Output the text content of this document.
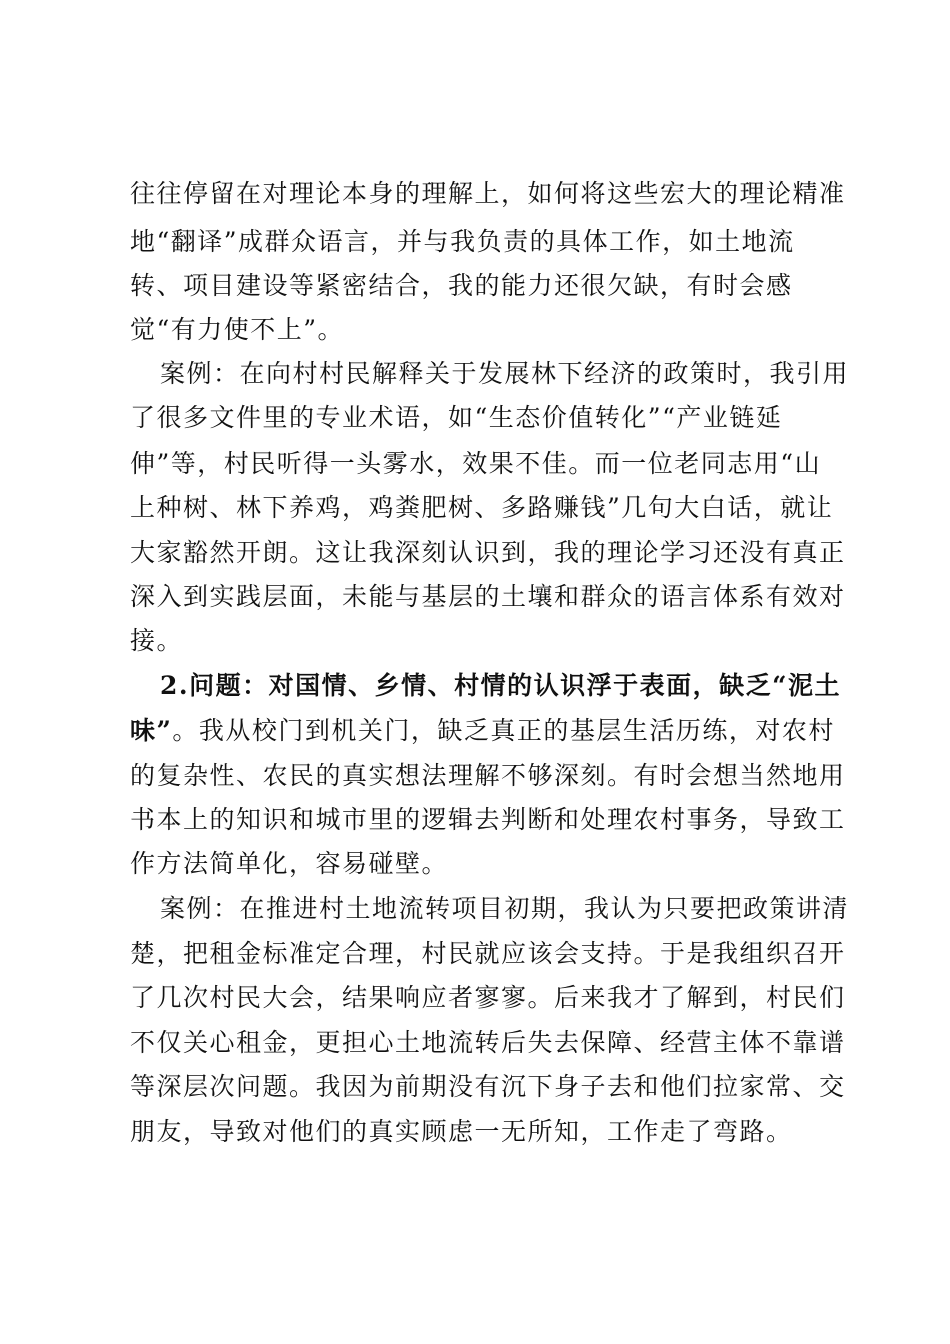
往往停留在对理论本身的理解上，如何将这些宏大的理论精准
地“翻译”成群众语言，并与我负责的具体工作，如土地流
转、项目建设等紧密结合，我的能力还很欠缺，有时会感
觉“有力使不上”。
案例：在向村村民解释关于发展林下经济的政策时，我引用
了很多文件里的专业术语，如“生态价值转化”“产业链延
伸”等，村民听得一头雾水，效果不佳。而一位老同志用“山
上种树、林下养鸡，鸡粪肥树、多路赚钱”几句大白话，就让
大家豁然开朗。这让我深刻认识到，我的理论学习还没有真正
深入到实践层面，未能与基层的土壤和群众的语言体系有效对
接。
2.问题：对国情、乡情、村情的认识浮于表面，缺乏“泥土
味”。我从校门到机关门，缺乏真正的基层生活历练，对农村
的复杂性、农民的真实想法理解不够深刻。有时会想当然地用
书本上的知识和城市里的逻辑去判断和处理农村事务，导致工
作方法简单化，容易碰壁。
案例：在推进村土地流转项目初期，我认为只要把政策讲清
楚，把租金标准定合理，村民就应该会支持。于是我组织召开
了几次村民大会，结果响应者寥寥。后来我才了解到，村民们
不仅关心租金，更担心土地流转后失去保障、经营主体不靠谱
等深层次问题。我因为前期没有沉下身子去和他们拉家常、交
朋友，导致对他们的真实顾虑一无所知，工作走了弯路。
